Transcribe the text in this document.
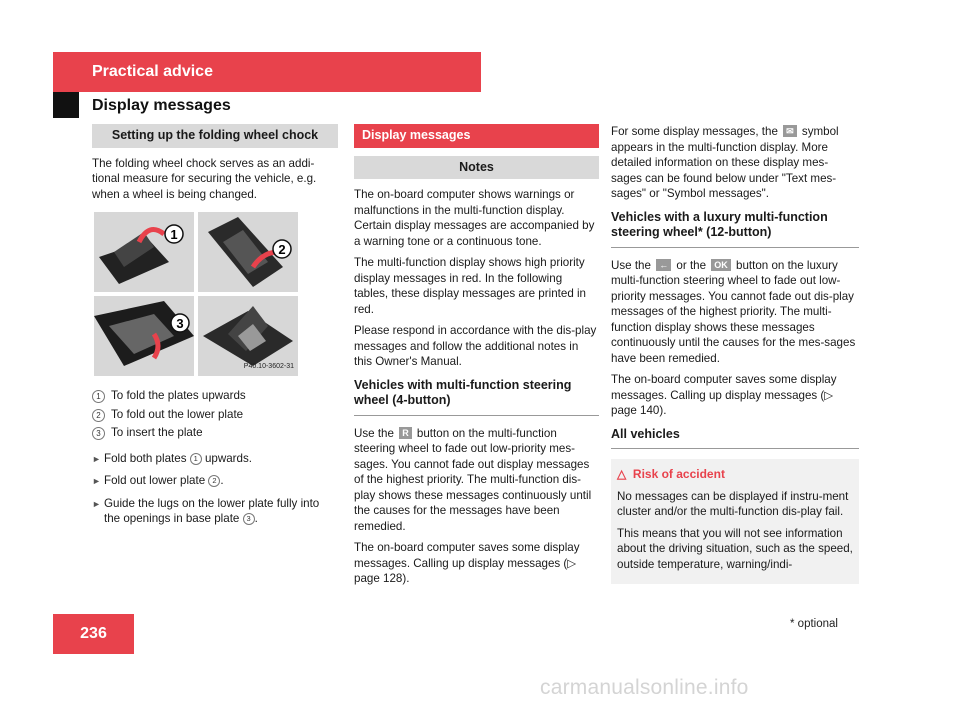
Practical advice
Display messages
Setting up the folding wheel chock

The folding wheel chock serves as an addi-tional measure for securing the vehicle, e.g. when a wheel is being changed.

1
2
3
P40.10-3602-31
1 To fold the plates upwards
2 To fold out the lower plate
3 To insert the plate
► Fold both plates 1 upwards.
► Fold out lower plate 2 .
► Guide the lugs on the lower plate fully into the openings in base plate 3 .
Display messages
Notes

The on-board computer shows warnings or malfunctions in the multi-function display. Certain display messages are accompanied by a warning tone or a continuous tone.

The multi-function display shows high priority display messages in red. In the following tables, these display messages are printed in red.

Please respond in accordance with the dis-play messages and follow the additional notes in this Owner's Manual.

Vehicles with multi-function steering wheel (4-button)

Use the R button on the multi-function steering wheel to fade out low-priority mes-sages. You cannot fade out display messages of the highest priority. The multi-function dis-play shows these messages continuously until the causes for the messages have been remedied.

The on-board computer saves some display messages. Calling up display messages (▷ page 128).

For some display messages, the ✉ symbol appears in the multi-function display. More detailed information on these display mes-sages can be found below under "Text mes-sages" or "Symbol messages".

Vehicles with a luxury multi-function steering wheel* (12-button)

Use the ← or the OK button on the luxury multi-function steering wheel to fade out low-priority messages. You cannot fade out dis-play messages of the highest priority. The multi-function display shows these messages continuously until the causes for the mes-sages have been remedied.

The on-board computer saves some display messages. Calling up display messages (▷ page 140).

All vehicles

△ Risk of accident

No messages can be displayed if instru-ment cluster and/or the multi-function dis-play fail.

This means that you will not see information about the driving situation, such as the speed, outside temperature, warning/indi-

236
* optional
carmanualsonline.info
